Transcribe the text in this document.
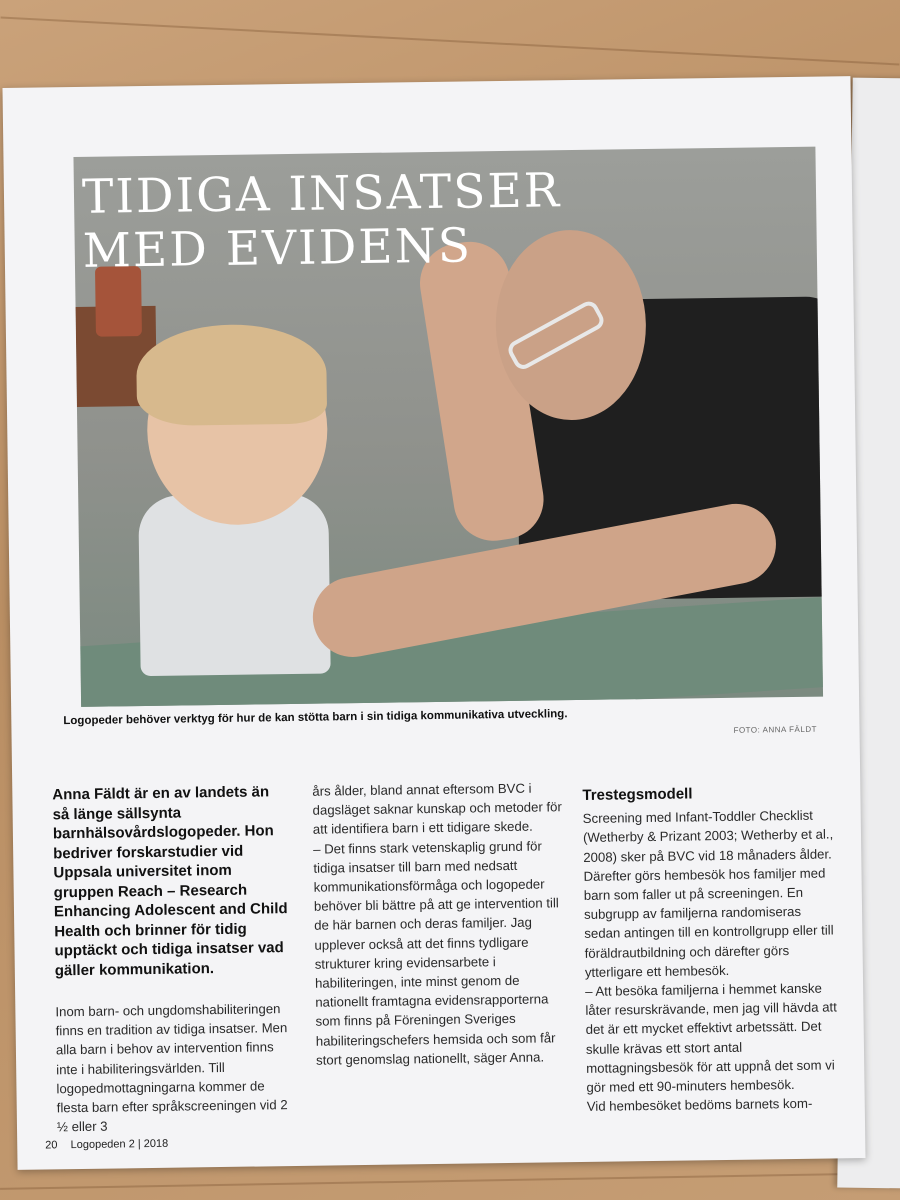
TIDIGA INSATSER
MED EVIDENS
Logopeder behöver verktyg för hur de kan stötta barn i sin tidiga kommunikativa utveckling.
FOTO: ANNA FÄLDT
Anna Fäldt är en av landets än så länge sällsynta barnhälsovårdslogopeder. Hon bedriver forskarstudier vid Uppsala universitet inom gruppen Reach – Research Enhancing Adolescent and Child Health och brinner för tidig upptäckt och tidiga insatser vad gäller kommunikation.

Inom barn- och ungdomshabiliteringen finns en tradition av tidiga insatser. Men alla barn i behov av intervention finns inte i habiliteringsvärlden. Till logopedmottagningarna kommer de flesta barn efter språkscreeningen vid 2 ½ eller 3

års ålder, bland annat eftersom BVC i dagsläget saknar kunskap och metoder för att identifiera barn i ett tidigare skede.

– Det finns stark vetenskaplig grund för tidiga insatser till barn med nedsatt kommunikationsförmåga och logopeder behöver bli bättre på att ge intervention till de här barnen och deras familjer. Jag upplever också att det finns tydligare strukturer kring evidensarbete i habiliteringen, inte minst genom de nationellt framtagna evidensrapporterna som finns på Föreningen Sveriges habiliteringschefers hemsida och som får stort genomslag nationellt, säger Anna.

Trestegsmodell

Screening med Infant-Toddler Checklist (Wetherby & Prizant 2003; Wetherby et al., 2008) sker på BVC vid 18 månaders ålder. Därefter görs hembesök hos familjer med barn som faller ut på screeningen. En subgrupp av familjerna randomiseras sedan antingen till en kontrollgrupp eller till föräldrautbildning och därefter görs ytterligare ett hembesök.

– Att besöka familjerna i hemmet kanske låter resurskrävande, men jag vill hävda att det är ett mycket effektivt arbetssätt. Det skulle krävas ett stort antal mottagningsbesök för att uppnå det som vi gör med ett 90-minuters hembesök.

Vid hembesöket bedöms barnets kom-

20 Logopeden 2 | 2018
